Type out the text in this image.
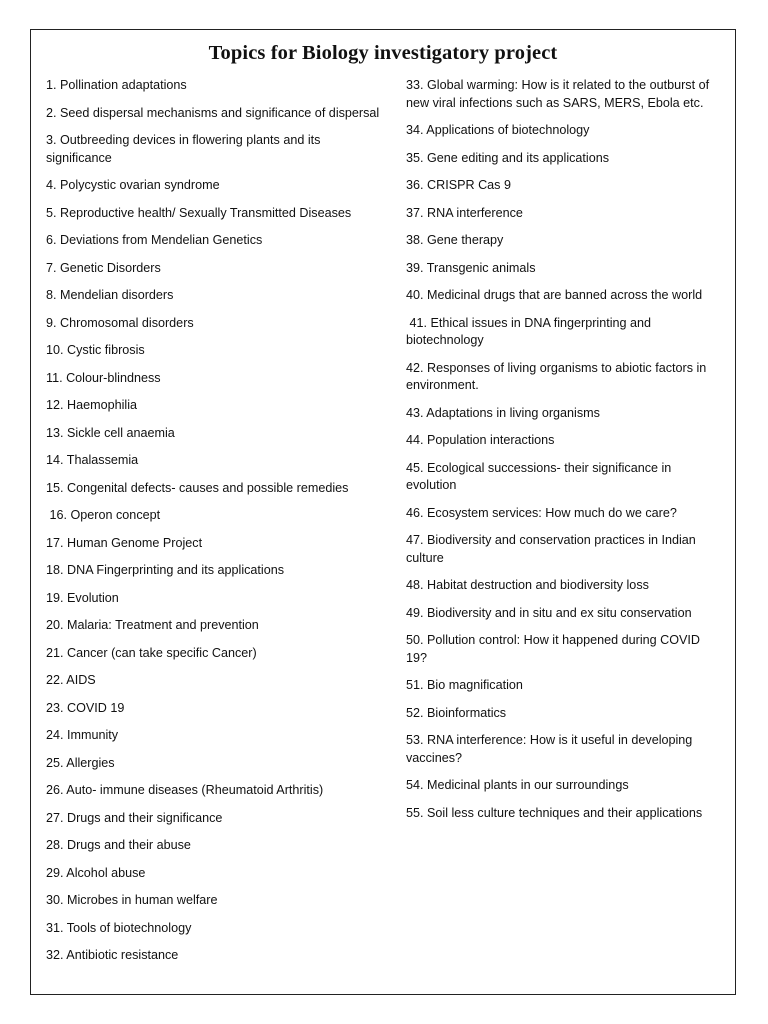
Topics for Biology investigatory project
1. Pollination adaptations
2. Seed dispersal mechanisms and significance of dispersal
3. Outbreeding devices in flowering plants and its significance
4. Polycystic ovarian syndrome
5. Reproductive health/ Sexually Transmitted Diseases
6. Deviations from Mendelian Genetics
7. Genetic Disorders
8. Mendelian disorders
9. Chromosomal disorders
10. Cystic fibrosis
11. Colour-blindness
12. Haemophilia
13. Sickle cell anaemia
14. Thalassemia
15. Congenital defects- causes and possible remedies
16. Operon concept
17. Human Genome Project
18. DNA Fingerprinting and its applications
19. Evolution
20. Malaria: Treatment and prevention
21. Cancer (can take specific Cancer)
22. AIDS
23. COVID 19
24. Immunity
25. Allergies
26. Auto- immune diseases (Rheumatoid Arthritis)
27. Drugs and their significance
28. Drugs and their abuse
29. Alcohol abuse
30. Microbes in human welfare
31. Tools of biotechnology
32. Antibiotic resistance
33. Global warming: How is it related to the outburst of new viral infections such as SARS, MERS, Ebola etc.
34. Applications of biotechnology
35. Gene editing and its applications
36. CRISPR Cas 9
37. RNA interference
38. Gene therapy
39. Transgenic animals
40. Medicinal drugs that are banned across the world
41. Ethical issues in DNA fingerprinting and biotechnology
42. Responses of living organisms to abiotic factors in environment.
43. Adaptations in living organisms
44. Population interactions
45. Ecological successions- their significance in evolution
46. Ecosystem services: How much do we care?
47. Biodiversity and conservation practices in Indian culture
48. Habitat destruction and biodiversity loss
49. Biodiversity and in situ and ex situ conservation
50. Pollution control: How it happened during COVID 19?
51. Bio magnification
52. Bioinformatics
53. RNA interference: How is it useful in developing vaccines?
54. Medicinal plants in our surroundings
55. Soil less culture techniques and their applications
